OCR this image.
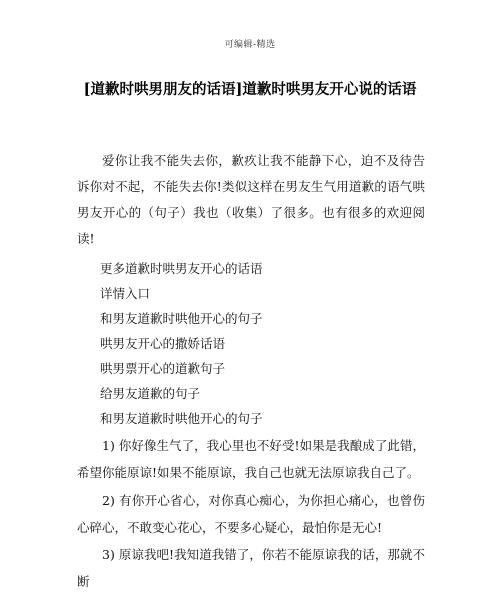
可编辑-精选
[道歉时哄男朋友的话语]道歉时哄男友开心说的话语

爱你让我不能失去你，歉疚让我不能静下心，迫不及待告诉你对不起，不能失去你!类似这样在男友生气用道歉的语气哄男友开心的（句子）我也（收集）了很多。也有很多的欢迎阅读!

更多道歉时哄男友开心的话语
详情入口
和男友道歉时哄他开心的句子
哄男友开心的撒娇话语
哄男票开心的道歉句子
给男友道歉的句子
和男友道歉时哄他开心的句子

1) 你好像生气了，我心里也不好受!如果是我酿成了此错，希望你能原谅!如果不能原谅，我自己也就无法原谅我自己了。

2) 有你开心省心，对你真心痴心，为你担心痛心，也曾伤心碎心，不敢变心花心，不要多心疑心，最怕你是无心!

3) 原谅我吧!我知道我错了，你若不能原谅我的话，那就不断
